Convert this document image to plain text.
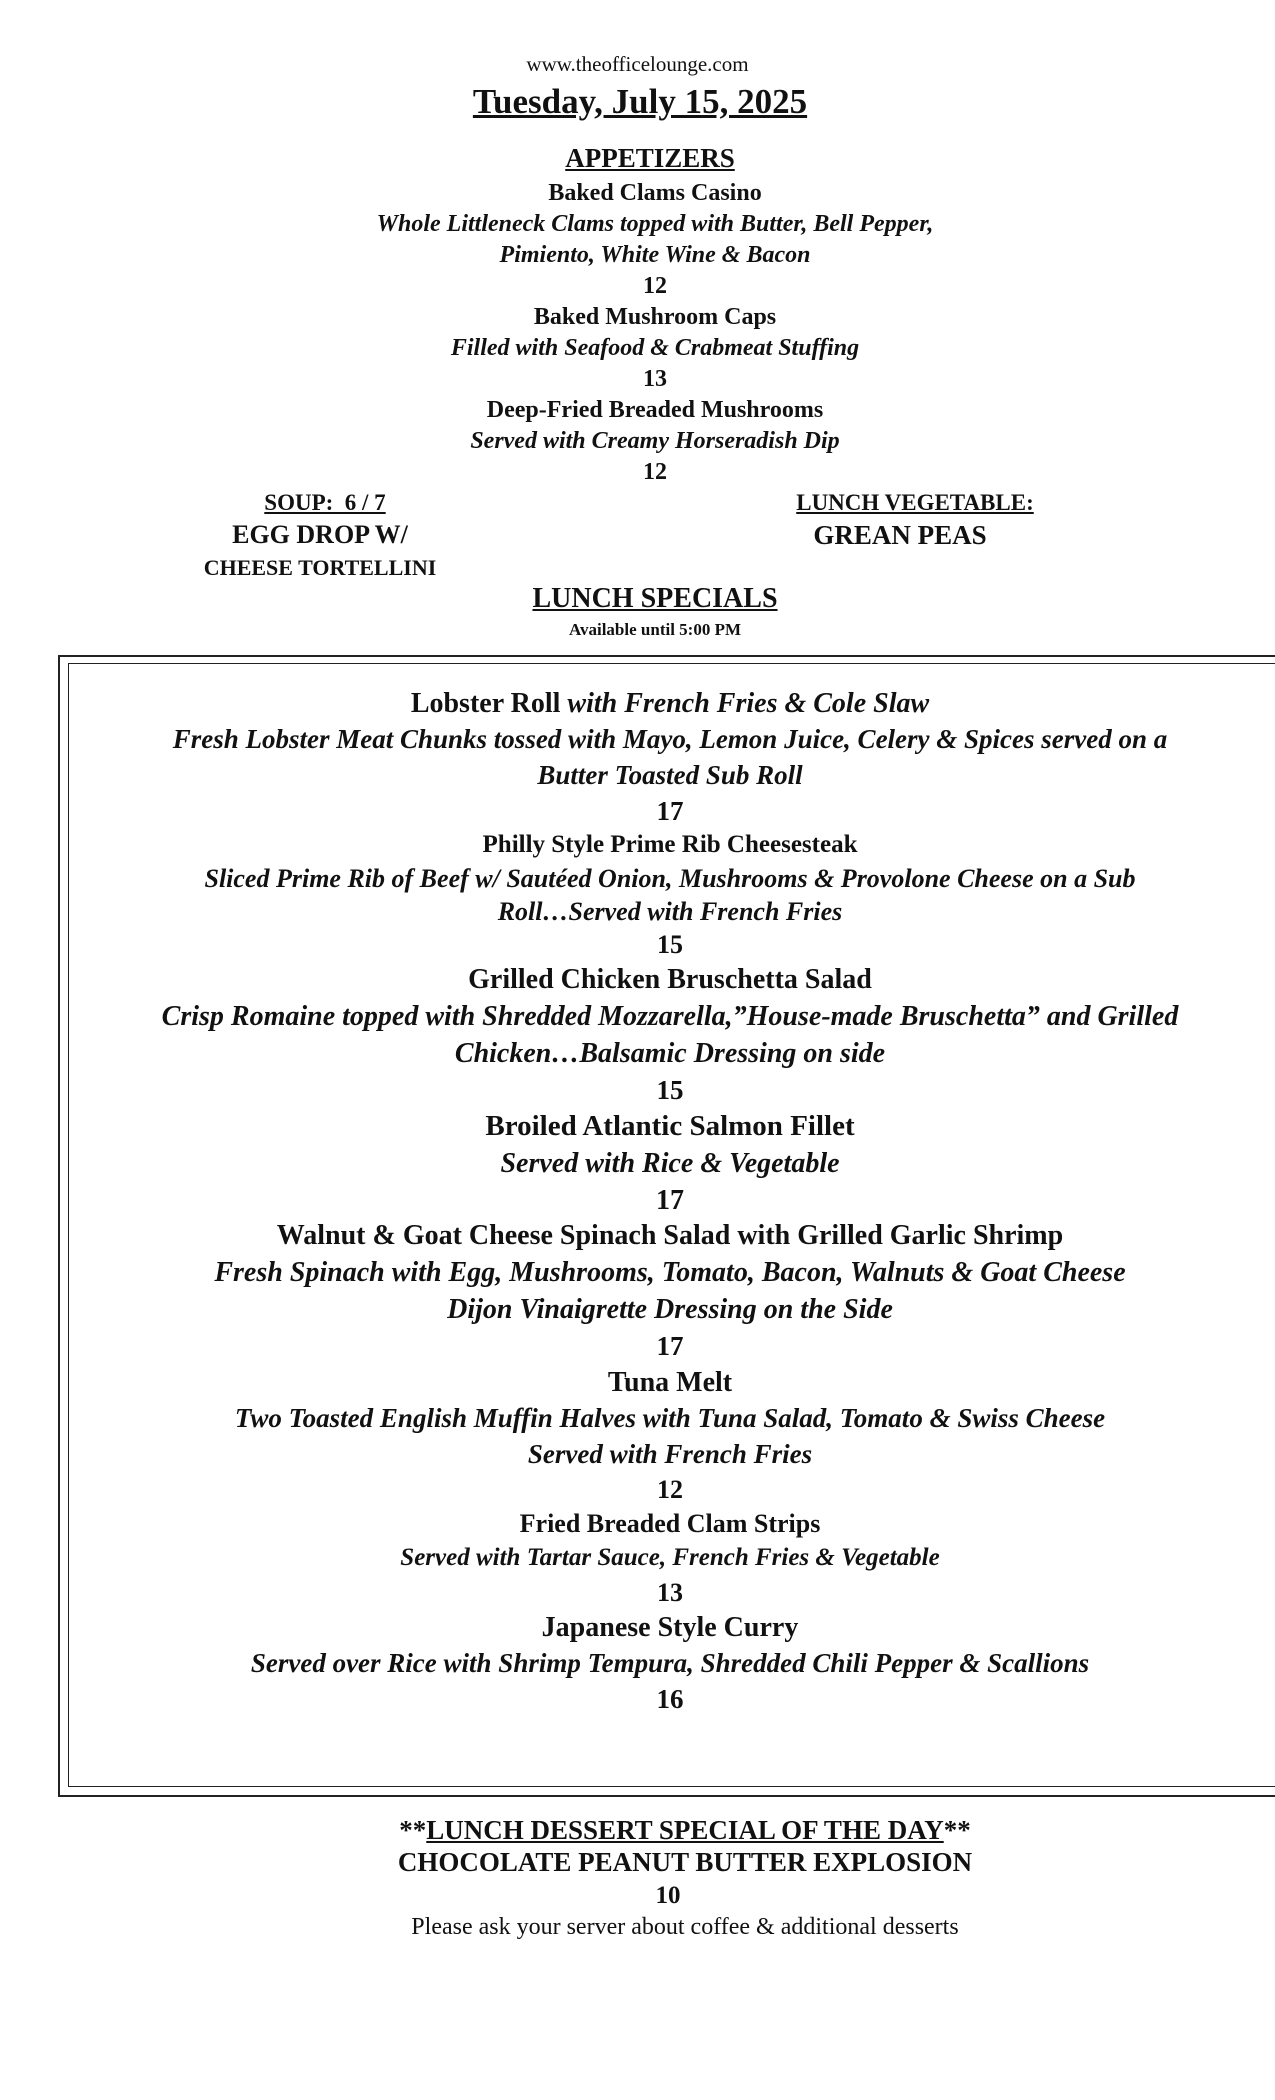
www.theofficelounge.com
Tuesday, July 15, 2025
APPETIZERS
Baked Clams Casino
Whole Littleneck Clams topped with Butter, Bell Pepper,
Pimiento, White Wine & Bacon
12
Baked Mushroom Caps
Filled with Seafood & Crabmeat Stuffing
13
Deep-Fried Breaded Mushrooms
Served with Creamy Horseradish Dip
12
SOUP:  6 / 7
EGG DROP W/
CHEESE TORTELLINI
LUNCH VEGETABLE:
GREAN PEAS
LUNCH SPECIALS
Available until 5:00 PM
Lobster Roll with French Fries & Cole Slaw
Fresh Lobster Meat Chunks tossed with Mayo, Lemon Juice, Celery & Spices served on a
Butter Toasted Sub Roll
17
Philly Style Prime Rib Cheesesteak
Sliced Prime Rib of Beef w/ Sautéed Onion, Mushrooms & Provolone Cheese on a Sub
Roll…Served with French Fries
15
Grilled Chicken Bruschetta Salad
Crisp Romaine topped with Shredded Mozzarella,”House-made Bruschetta” and Grilled
Chicken…Balsamic Dressing on side
15
Broiled Atlantic Salmon Fillet
Served with Rice & Vegetable
17
Walnut & Goat Cheese Spinach Salad with Grilled Garlic Shrimp
Fresh Spinach with Egg, Mushrooms, Tomato, Bacon, Walnuts & Goat Cheese
Dijon Vinaigrette Dressing on the Side
17
Tuna Melt
Two Toasted English Muffin Halves with Tuna Salad, Tomato & Swiss Cheese
Served with French Fries
12
Fried Breaded Clam Strips
Served with Tartar Sauce, French Fries & Vegetable
13
Japanese Style Curry
Served over Rice with Shrimp Tempura, Shredded Chili Pepper & Scallions
16
**LUNCH DESSERT SPECIAL OF THE DAY**
CHOCOLATE PEANUT BUTTER EXPLOSION
10
Please ask your server about coffee & additional desserts
